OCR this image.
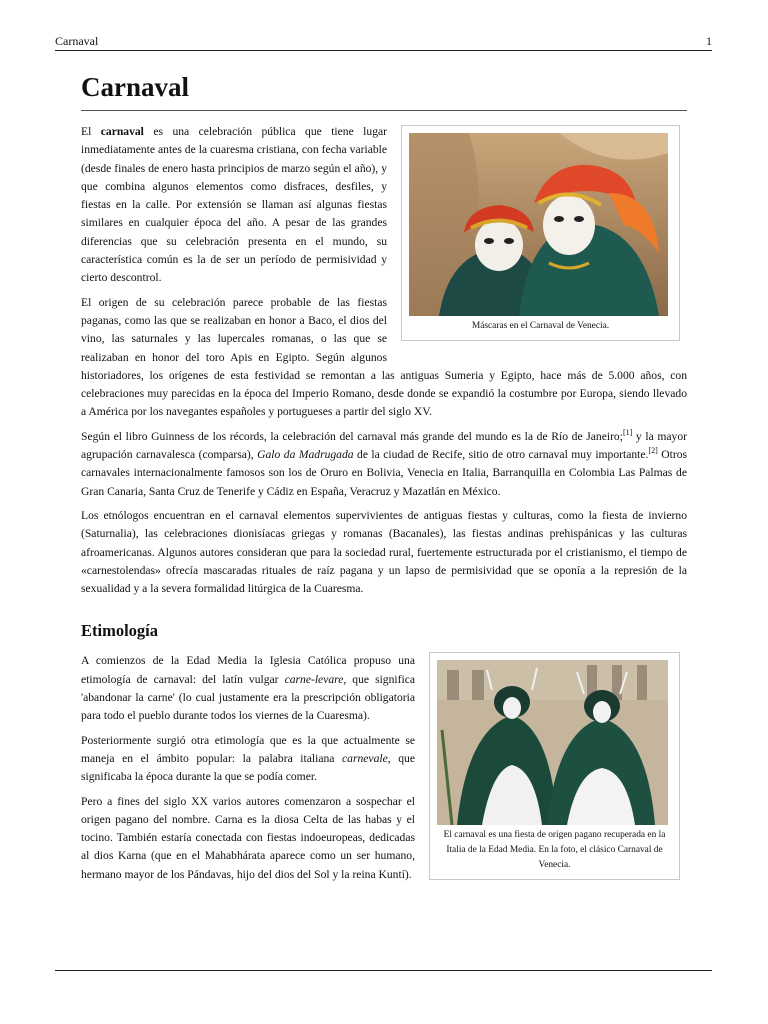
Carnaval	1
Carnaval
Máscaras en el Carnaval de Venecia.

El carnaval es una celebración pública que tiene lugar inmediatamente antes de la cuaresma cristiana, con fecha variable (desde finales de enero hasta principios de marzo según el año), y que combina algunos elementos como disfraces, desfiles, y fiestas en la calle. Por extensión se llaman así algunas fiestas similares en cualquier época del año. A pesar de las grandes diferencias que su celebración presenta en el mundo, su característica común es la de ser un período de permisividad y cierto descontrol.

El origen de su celebración parece probable de las fiestas paganas, como las que se realizaban en honor a Baco, el dios del vino, las saturnales y las lupercales romanas, o las que se realizaban en honor del toro Apis en Egipto. Según algunos historiadores, los orígenes de esta festividad se remontan a las antiguas Sumeria y Egipto, hace más de 5.000 años, con celebraciones muy parecidas en la época del Imperio Romano, desde donde se expandió la costumbre por Europa, siendo llevado a América por los navegantes españoles y portugueses a partir del siglo XV.

Según el libro Guinness de los récords, la celebración del carnaval más grande del mundo es la de Río de Janeiro;[1] y la mayor agrupación carnavalesca (comparsa), Galo da Madrugada de la ciudad de Recife, sitio de otro carnaval muy importante.[2] Otros carnavales internacionalmente famosos son los de Oruro en Bolivia, Venecia en Italia, Barranquilla en Colombia Las Palmas de Gran Canaria, Santa Cruz de Tenerife y Cádiz en España, Veracruz y Mazatlán en México.

Los etnólogos encuentran en el carnaval elementos supervivientes de antiguas fiestas y culturas, como la fiesta de invierno (Saturnalia), las celebraciones dionisíacas griegas y romanas (Bacanales), las fiestas andinas prehispánicas y las culturas afroamericanas. Algunos autores consideran que para la sociedad rural, fuertemente estructurada por el cristianismo, el tiempo de «carnestolendas» ofrecía mascaradas rituales de raíz pagana y un lapso de permisividad que se oponía a la represión de la sexualidad y a la severa formalidad litúrgica de la Cuaresma.

Etimología
El carnaval es una fiesta de origen pagano recuperada en la Italia de la Edad Media. En la foto, el clásico Carnaval de Venecia.

A comienzos de la Edad Media la Iglesia Católica propuso una etimología de carnaval: del latín vulgar carne-levare, que significa 'abandonar la carne' (lo cual justamente era la prescripción obligatoria para todo el pueblo durante todos los viernes de la Cuaresma).

Posteriormente surgió otra etimología que es la que actualmente se maneja en el ámbito popular: la palabra italiana carnevale, que significaba la época durante la que se podía comer.

Pero a fines del siglo XX varios autores comenzaron a sospechar el origen pagano del nombre. Carna es la diosa Celta de las habas y el tocino. También estaría conectada con fiestas indoeuropeas, dedicadas al dios Karna (que en el Mahabhárata aparece como un ser humano, hermano mayor de los Pándavas, hijo del dios del Sol y la reina Kuntí).
